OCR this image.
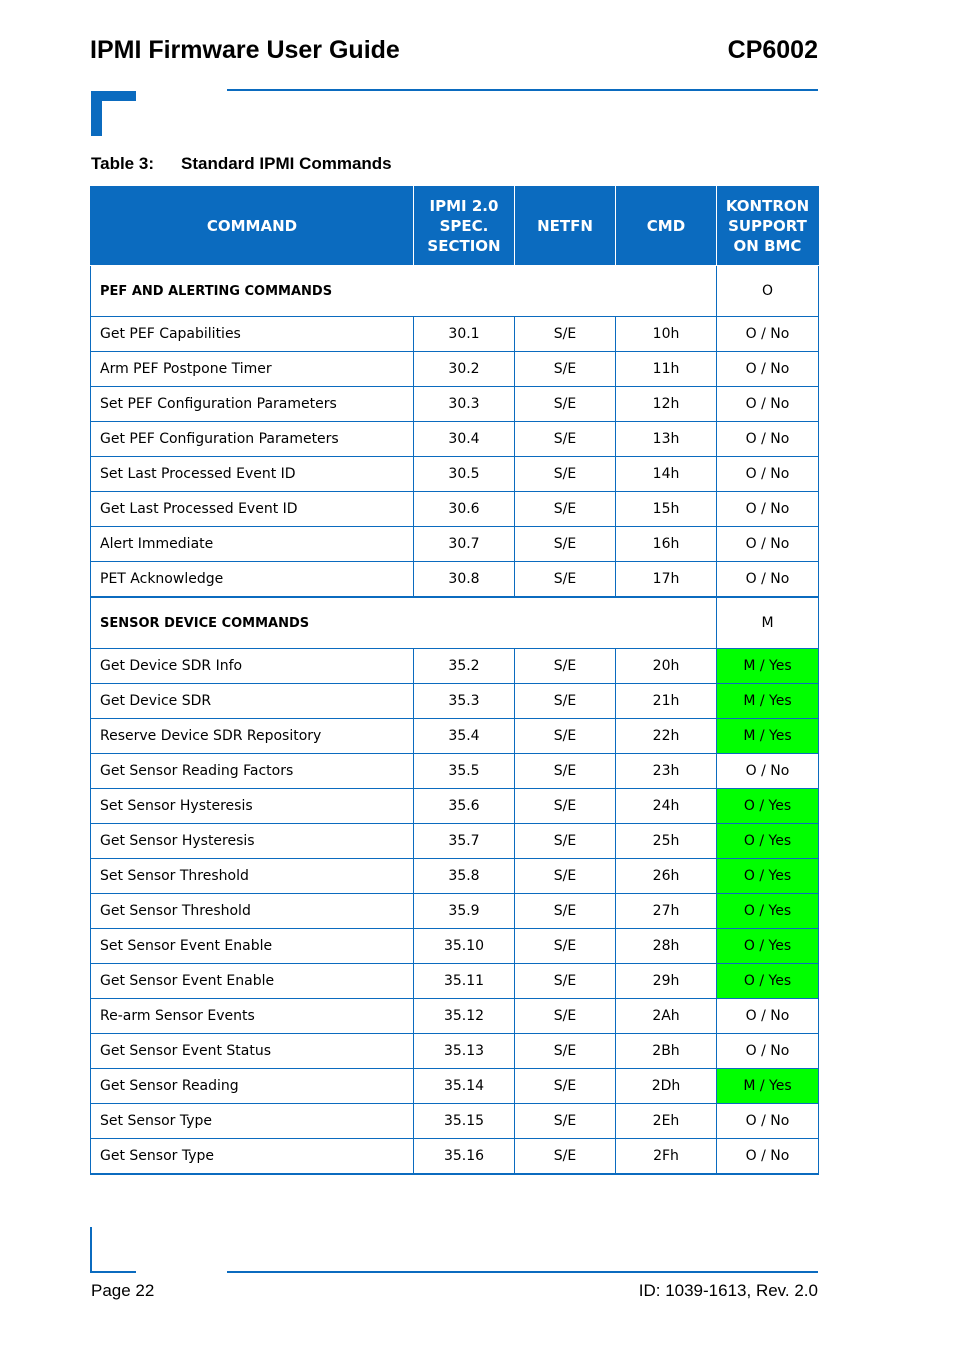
IPMI Firmware User Guide	CP6002
Table 3: Standard IPMI Commands
COMMAND	IPMI 2.0 SPEC. SECTION	NETFN	CMD	KONTRON SUPPORT ON BMC
PEF AND ALERTING COMMANDS				O
Get PEF Capabilities	30.1	S/E	10h	O / No
Arm PEF Postpone Timer	30.2	S/E	11h	O / No
Set PEF Configuration Parameters	30.3	S/E	12h	O / No
Get PEF Configuration Parameters	30.4	S/E	13h	O / No
Set Last Processed Event ID	30.5	S/E	14h	O / No
Get Last Processed Event ID	30.6	S/E	15h	O / No
Alert Immediate	30.7	S/E	16h	O / No
PET Acknowledge	30.8	S/E	17h	O / No
SENSOR DEVICE COMMANDS				M
Get Device SDR Info	35.2	S/E	20h	M / Yes
Get Device SDR	35.3	S/E	21h	M / Yes
Reserve Device SDR Repository	35.4	S/E	22h	M / Yes
Get Sensor Reading Factors	35.5	S/E	23h	O / No
Set Sensor Hysteresis	35.6	S/E	24h	O / Yes
Get Sensor Hysteresis	35.7	S/E	25h	O / Yes
Set Sensor Threshold	35.8	S/E	26h	O / Yes
Get Sensor Threshold	35.9	S/E	27h	O / Yes
Set Sensor Event Enable	35.10	S/E	28h	O / Yes
Get Sensor Event Enable	35.11	S/E	29h	O / Yes
Re-arm Sensor Events	35.12	S/E	2Ah	O / No
Get Sensor Event Status	35.13	S/E	2Bh	O / No
Get Sensor Reading	35.14	S/E	2Dh	M / Yes
Set Sensor Type	35.15	S/E	2Eh	O / No
Get Sensor Type	35.16	S/E	2Fh	O / No
Page 22	ID: 1039-1613, Rev. 2.0
